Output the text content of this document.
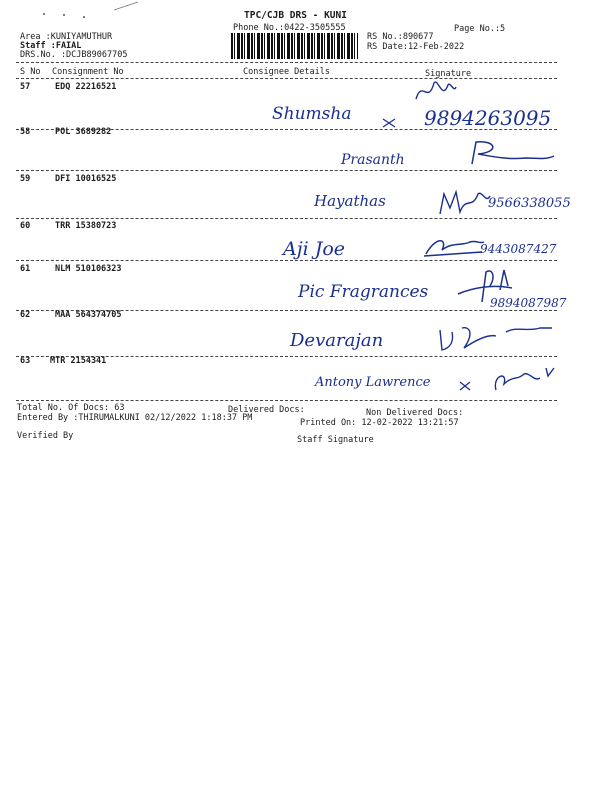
TPC/CJB DRS - KUNI
Phone No.:0422-3505555	Page No.:5
Area :KUNIYAMUTHUR
Staff :FAIAL
DRS.No. :DCJB89067705
RS No.:890677
RS Date:12-Feb-2022
S No Consignment No	Consignee Details	Signature
57	EDQ 22216521
Shumsha	9894263095
58	POL 3689282
Prasanth
59	DFI 10016525
Hayathas	9566338055
60	TRR 15380723
Aji Joe	9443087427
61	NLM 510106323
Pic Fragrances
9894087987
62	MAA 564374705
Devarajan
63 MTR 2154341
Antony Lawrence
Total No. Of Docs: 63	Delivered Docs:	Non Delivered Docs:
Entered By :THIRUMALKUNI 02/12/2022 1:18:37 PM	Printed On: 12-02-2022 13:21:57
Verified By	Staff Signature
